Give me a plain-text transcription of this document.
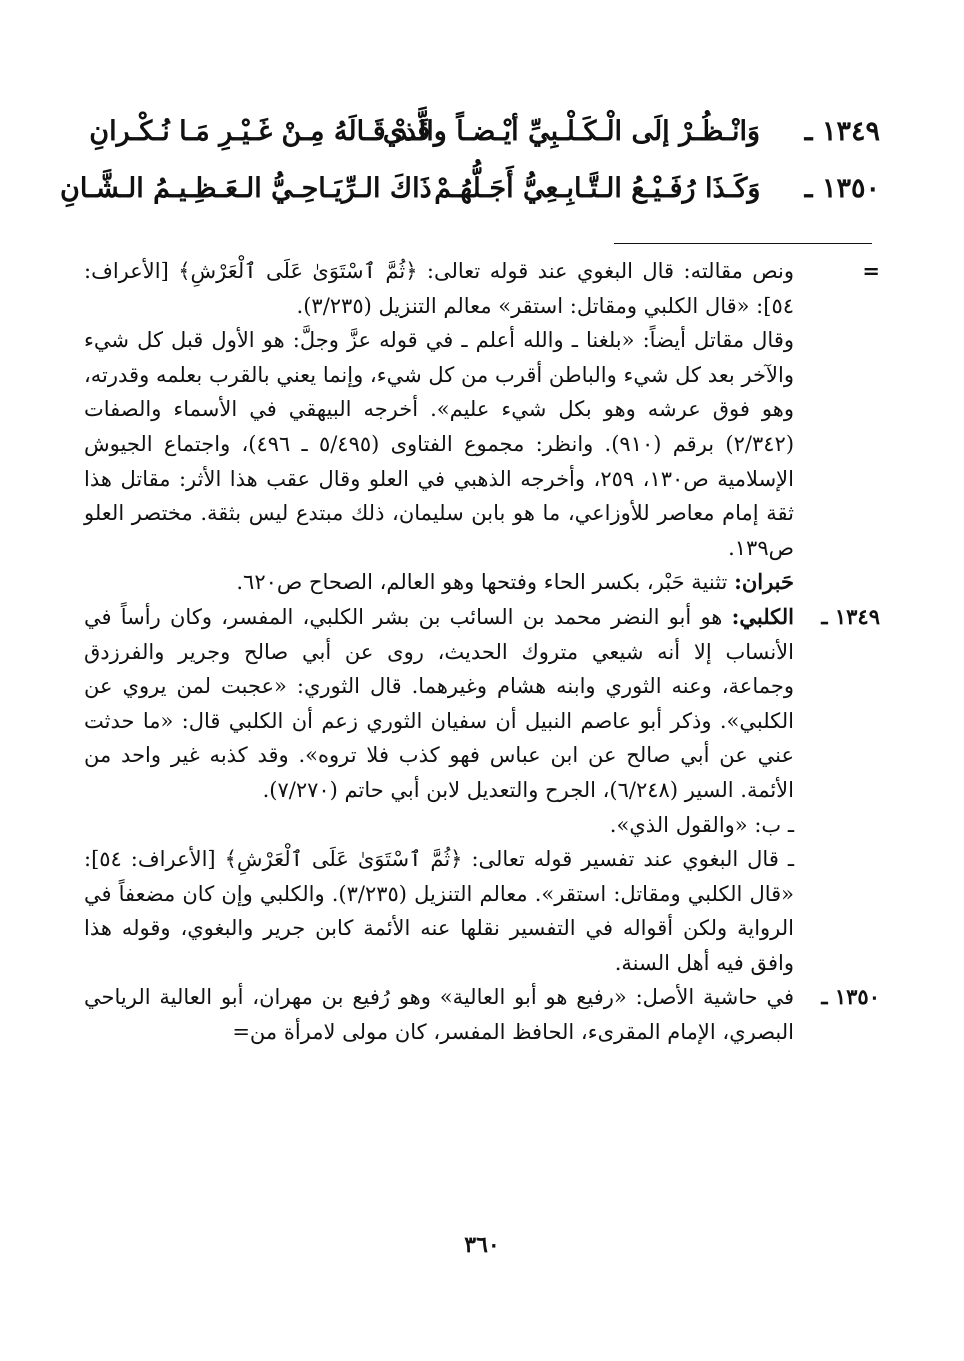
١٣٤٩ ـ
وَانْـظُـرْ إلَى الْـكَـلْـبِيِّ أيْـضـاً والَّذي
قَـدْ قَـالَهُ مِـنْ غَـيْـرِ مَـا نُـكْـرانِ
١٣٥٠ ـ
وَكَـذَا رُفَـيْـعُ الـتَّـابِـعِيُّ أَجَـلُّهُـمْ
ذَاكَ الـرِّيَـاحِـيُّ الـعَـظِـيـمُ الـشَّـانِ
=

ونص مقالته: قال البغوي عند قوله تعالى: ﴿ثُمَّ ٱسْتَوَىٰ عَلَى ٱلْعَرْشِ﴾ [الأعراف: ٥٤]: «قال الكلبي ومقاتل: استقر» معالم التنزيل (٣/٢٣٥).

وقال مقاتل أيضاً: «بلغنا ـ والله أعلم ـ في قوله عزَّ وجلَّ: هو الأول قبل كل شيء والآخر بعد كل شيء والباطن أقرب من كل شيء، وإنما يعني بالقرب بعلمه وقدرته، وهو فوق عرشه وهو بكل شيء عليم». أخرجه البيهقي في الأسماء والصفات (٢/٣٤٢) برقم (٩١٠). وانظر: مجموع الفتاوى (٥/٤٩٥ ـ ٤٩٦)، واجتماع الجيوش الإسلامية ص١٣٠، ٢٥٩، وأخرجه الذهبي في العلو وقال عقب هذا الأثر: مقاتل هذا ثقة إمام معاصر للأوزاعي، ما هو بابن سليمان، ذلك مبتدع ليس بثقة. مختصر العلو ص١٣٩.

حَبران: تثنية حَبْر، بكسر الحاء وفتحها وهو العالم، الصحاح ص٦٢٠.

١٣٤٩ ـ

الكلبي: هو أبو النضر محمد بن السائب بن بشر الكلبي، المفسر، وكان رأساً في الأنساب إلا أنه شيعي متروك الحديث، روى عن أبي صالح وجرير والفرزدق وجماعة، وعنه الثوري وابنه هشام وغيرهما. قال الثوري: «عجبت لمن يروي عن الكلبي». وذكر أبو عاصم النبيل أن سفيان الثوري زعم أن الكلبي قال: «ما حدثت عني عن أبي صالح عن ابن عباس فهو كذب فلا تروه». وقد كذبه غير واحد من الأئمة. السير (٦/٢٤٨)، الجرح والتعديل لابن أبي حاتم (٧/٢٧٠).

ـ ب: «والقول الذي».

ـ قال البغوي عند تفسير قوله تعالى: ﴿ثُمَّ ٱسْتَوَىٰ عَلَى ٱلْعَرْشِ﴾ [الأعراف: ٥٤]: «قال الكلبي ومقاتل: استقر». معالم التنزيل (٣/٢٣٥). والكلبي وإن كان مضعفاً في الرواية ولكن أقواله في التفسير نقلها عنه الأئمة كابن جرير والبغوي، وقوله هذا وافق فيه أهل السنة.

١٣٥٠ ـ

في حاشية الأصل: «رفيع هو أبو العالية» وهو رُفيع بن مهران، أبو العالية الرياحي البصري، الإمام المقرىء، الحافظ المفسر، كان مولى لامرأة من=

٣٦٠
